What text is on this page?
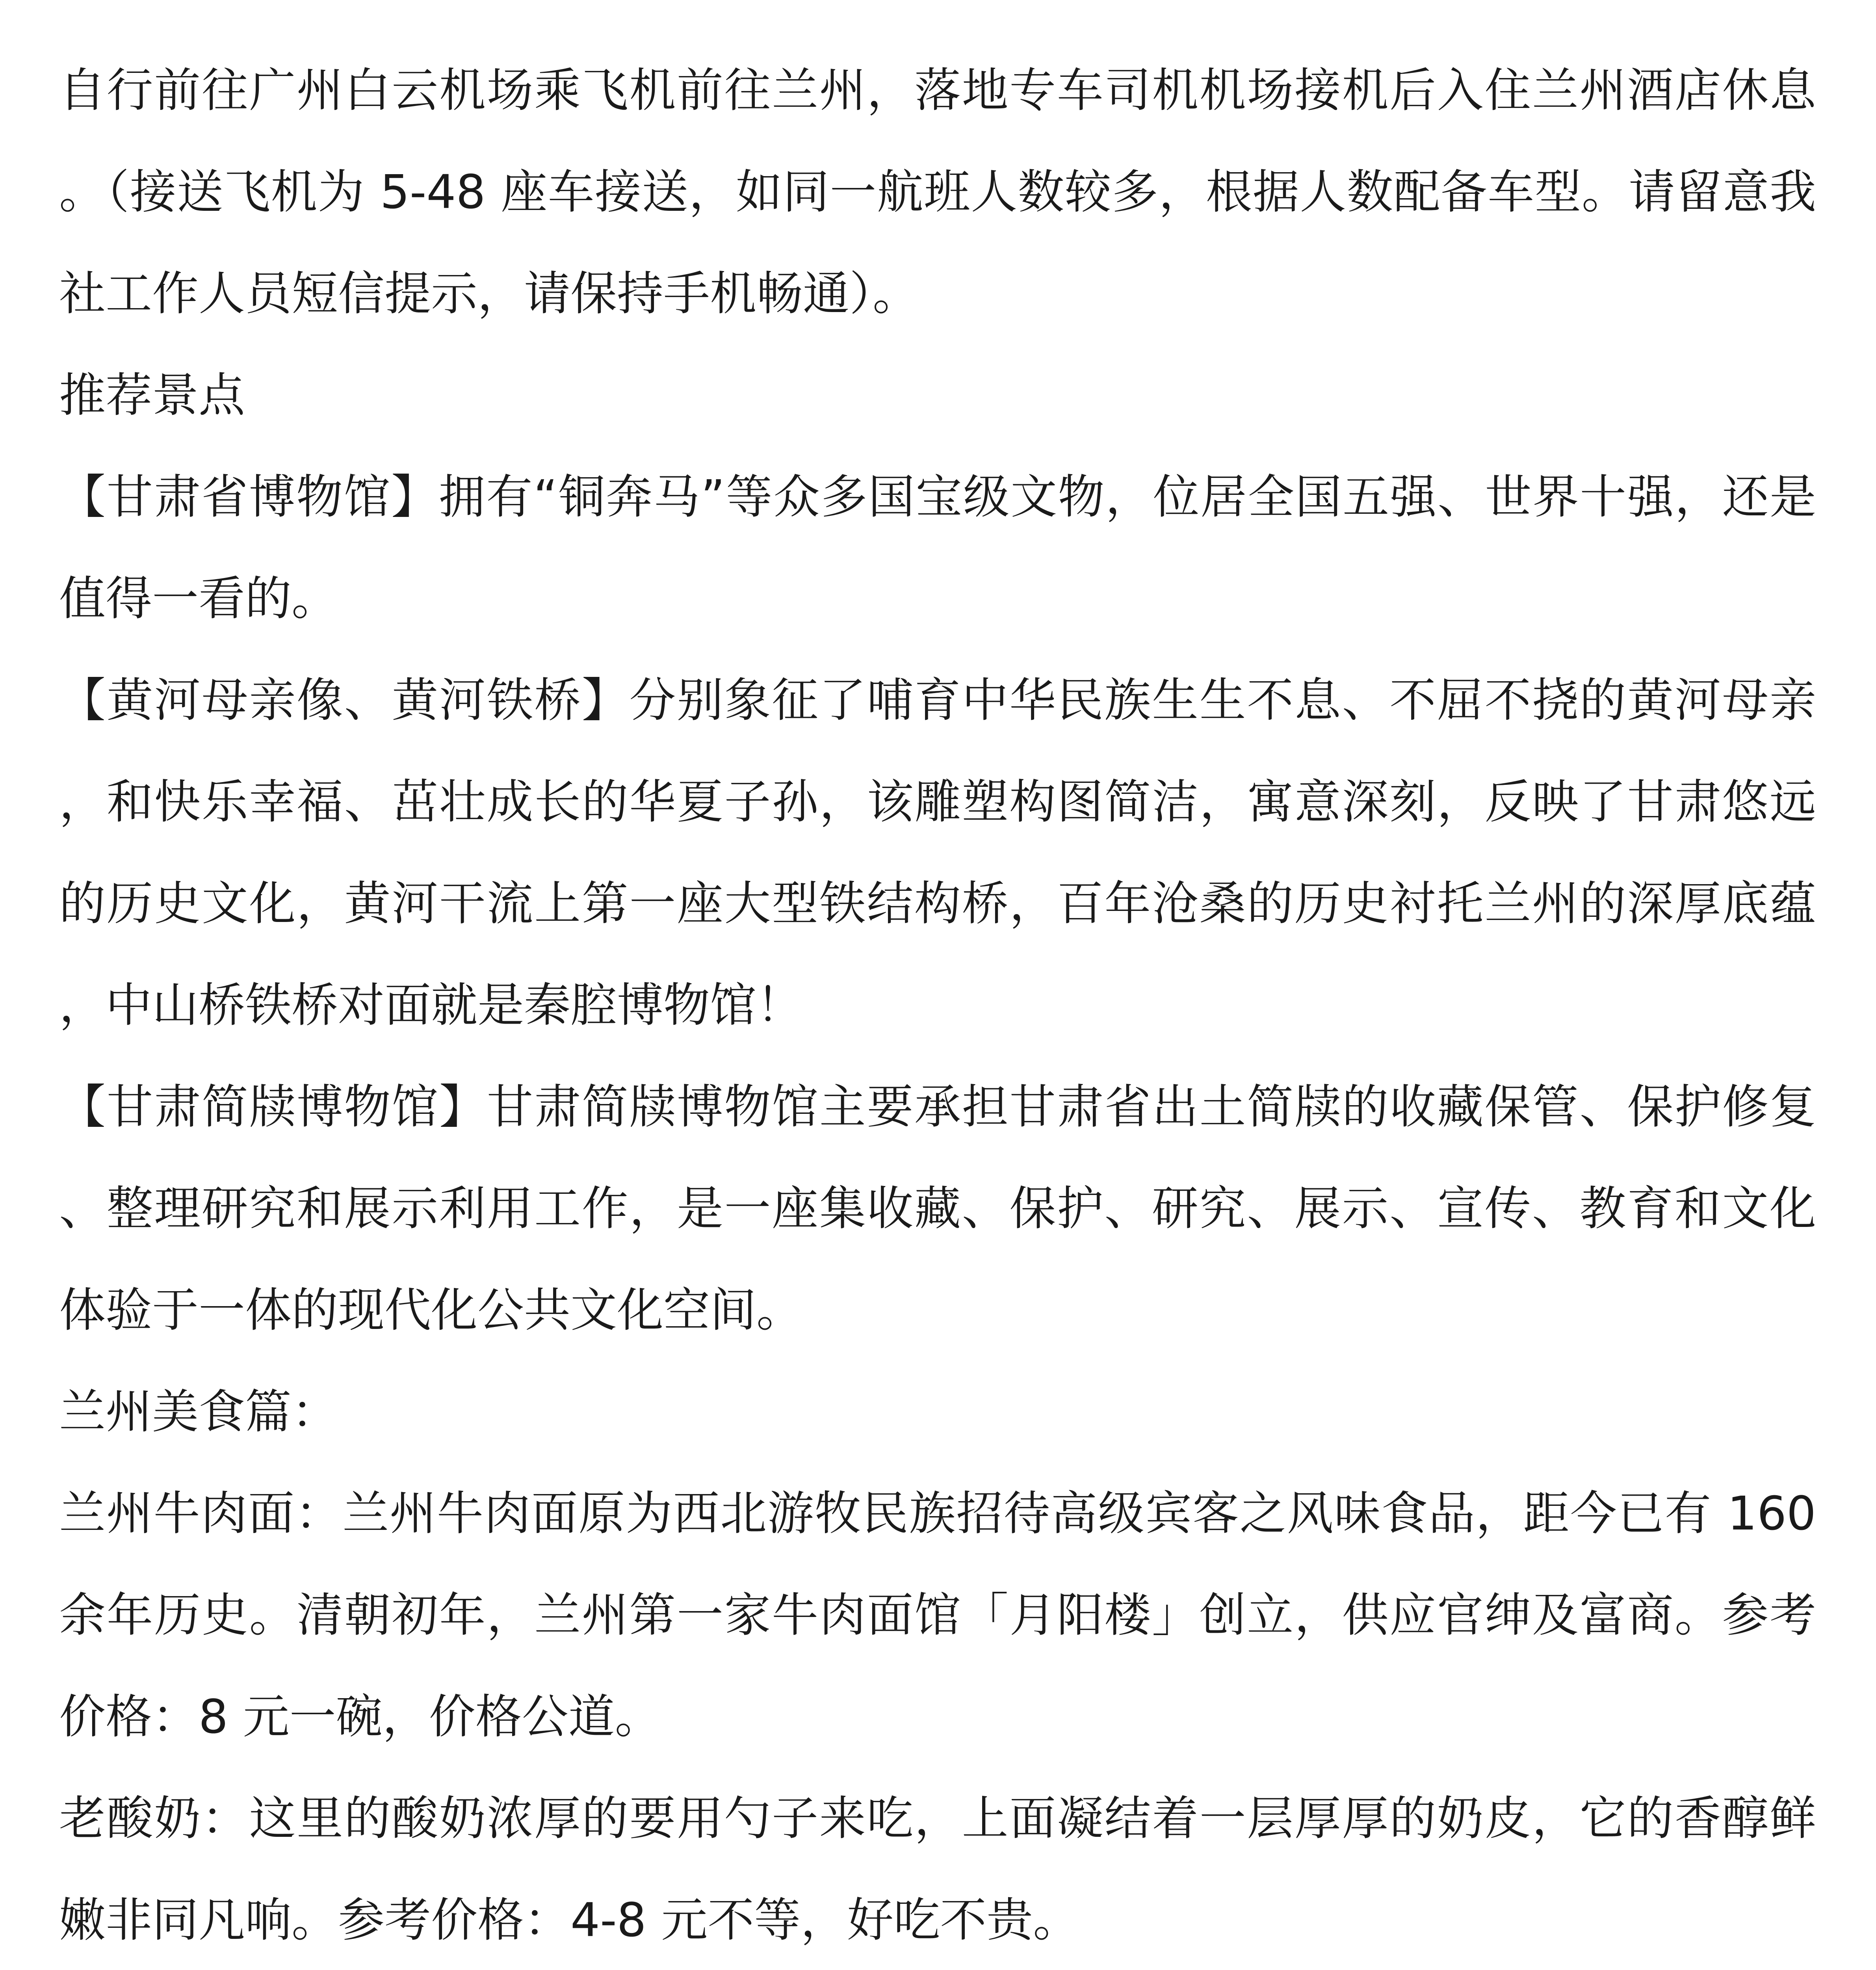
自行前往广州白云机场乘飞机前往兰州，落地专车司机机场接机后入住兰州酒店休息。（接送飞机为 5-48 座车接送，如同一航班人数较多，根据人数配备车型。请留意我社工作人员短信提示，请保持手机畅通）。

推荐景点

【甘肃省博物馆】拥有“铜奔马”等众多国宝级文物，位居全国五强、世界十强，还是值得一看的。

【黄河母亲像、黄河铁桥】分别象征了哺育中华民族生生不息、不屈不挠的黄河母亲，和快乐幸福、茁壮成长的华夏子孙，该雕塑构图简洁，寓意深刻，反映了甘肃悠远的历史文化，黄河干流上第一座大型铁结构桥，百年沧桑的历史衬托兰州的深厚底蕴，中山桥铁桥对面就是秦腔博物馆！

【甘肃简牍博物馆】甘肃简牍博物馆主要承担甘肃省出土简牍的收藏保管、保护修复、整理研究和展示利用工作，是一座集收藏、保护、研究、展示、宣传、教育和文化体验于一体的现代化公共文化空间。

兰州美食篇：

兰州牛肉面：兰州牛肉面原为西北游牧民族招待高级宾客之风味食品，距今已有 160 余年历史。清朝初年，兰州第一家牛肉面馆「月阳楼」创立，供应官绅及富商。参考价格：8 元一碗，价格公道。

老酸奶：这里的酸奶浓厚的要用勺子来吃，上面凝结着一层厚厚的奶皮，它的香醇鲜嫩非同凡响。参考价格：4-8 元不等，好吃不贵。
